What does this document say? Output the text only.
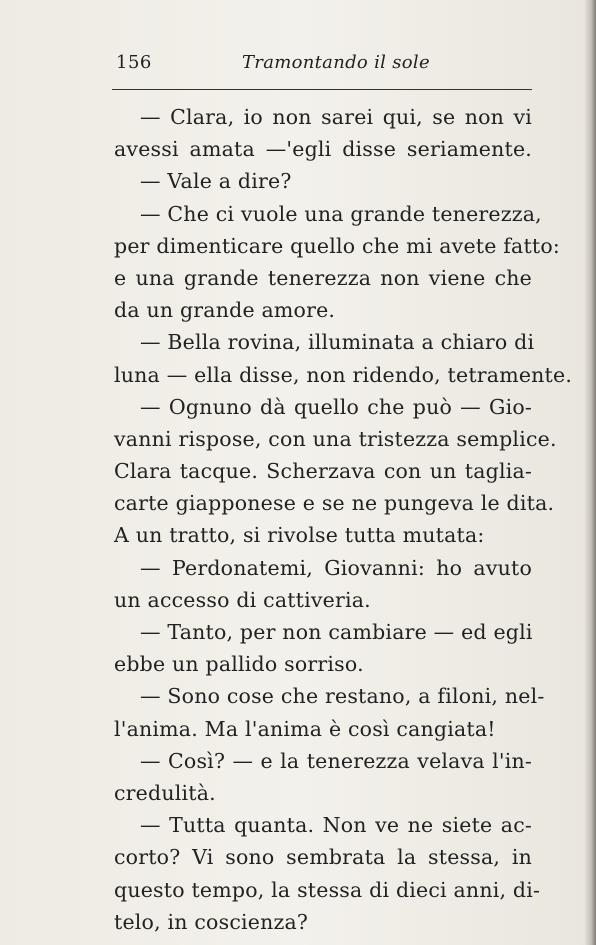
156	Tramontando il sole
— Clara, io non sarei qui, se non vi
avessi amata —'egli disse seriamente.
— Vale a dire?
— Che ci vuole una grande tenerezza,
per dimenticare quello che mi avete fatto:
e una grande tenerezza non viene che
da un grande amore.
— Bella rovina, illuminata a chiaro di
luna — ella disse, non ridendo, tetramente.
— Ognuno dà quello che può — Gio-
vanni rispose, con una tristezza semplice.
Clara tacque. Scherzava con un taglia-
carte giapponese e se ne pungeva le dita.
A un tratto, si rivolse tutta mutata:
— Perdonatemi, Giovanni: ho avuto
un accesso di cattiveria.
— Tanto, per non cambiare — ed egli
ebbe un pallido sorriso.
— Sono cose che restano, a filoni, nel-
l'anima. Ma l'anima è così cangiata!
— Così? — e la tenerezza velava l'in-
credulità.
— Tutta quanta. Non ve ne siete ac-
corto? Vi sono sembrata la stessa, in
questo tempo, la stessa di dieci anni, di-
telo, in coscienza?
